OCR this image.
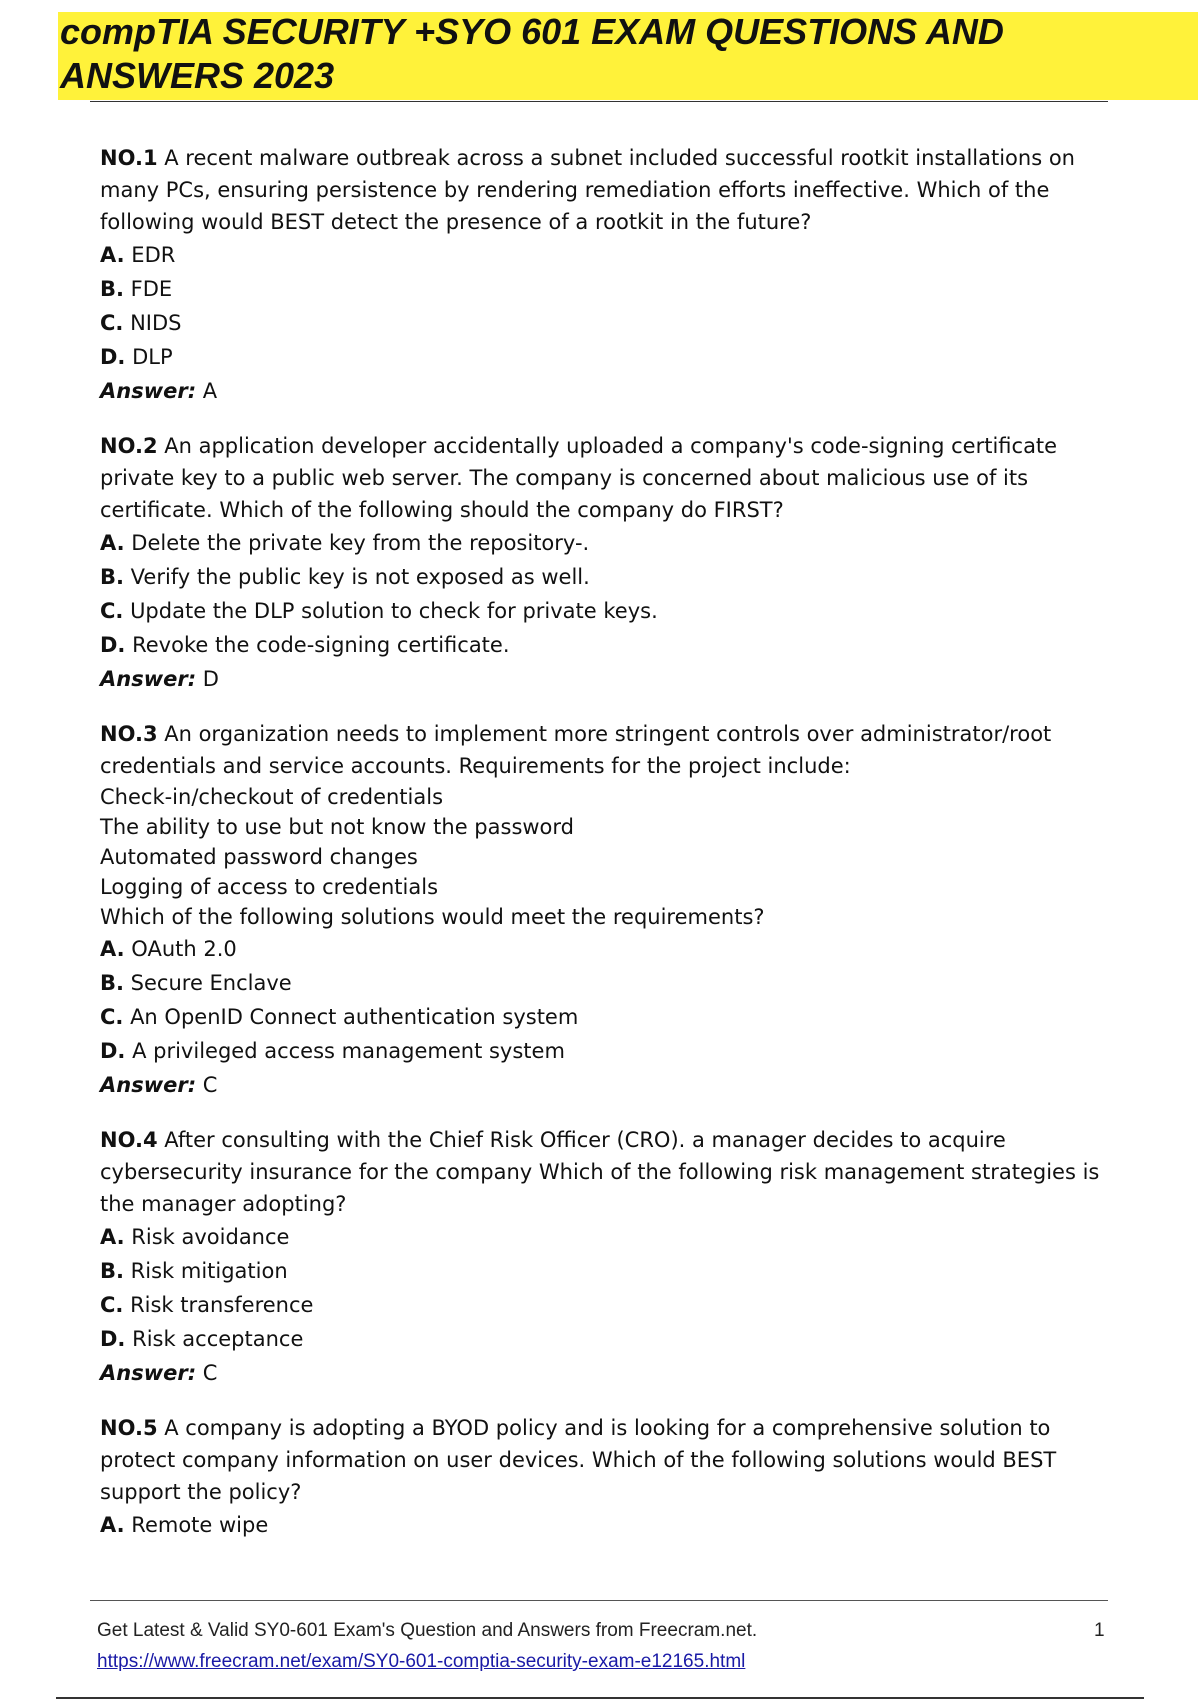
compTIA SECURITY +SYO 601 EXAM QUESTIONS AND ANSWERS 2023

NO.1 A recent malware outbreak across a subnet included successful rootkit installations on many PCs, ensuring persistence by rendering remediation efforts ineffective. Which of the following would BEST detect the presence of a rootkit in the future?

A. EDR

B. FDE

C. NIDS

D. DLP

Answer: A

NO.2 An application developer accidentally uploaded a company's code-signing certificate private key to a public web server. The company is concerned about malicious use of its certificate. Which of the following should the company do FIRST?

A. Delete the private key from the repository-.

B. Verify the public key is not exposed as well.

C. Update the DLP solution to check for private keys.

D. Revoke the code-signing certificate.

Answer: D

NO.3 An organization needs to implement more stringent controls over administrator/root credentials and service accounts. Requirements for the project include:

Check-in/checkout of credentials

The ability to use but not know the password

Automated password changes

Logging of access to credentials

Which of the following solutions would meet the requirements?

A. OAuth 2.0

B. Secure Enclave

C. An OpenID Connect authentication system

D. A privileged access management system

Answer: C

NO.4 After consulting with the Chief Risk Officer (CRO). a manager decides to acquire cybersecurity insurance for the company Which of the following risk management strategies is the manager adopting?

A. Risk avoidance

B. Risk mitigation

C. Risk transference

D. Risk acceptance

Answer: C

NO.5 A company is adopting a BYOD policy and is looking for a comprehensive solution to protect company information on user devices. Which of the following solutions would BEST support the policy?

A. Remote wipe

Get Latest & Valid SY0-601 Exam's Question and Answers from Freecram.net.	1
https://www.freecram.net/exam/SY0-601-comptia-security-exam-e12165.html
